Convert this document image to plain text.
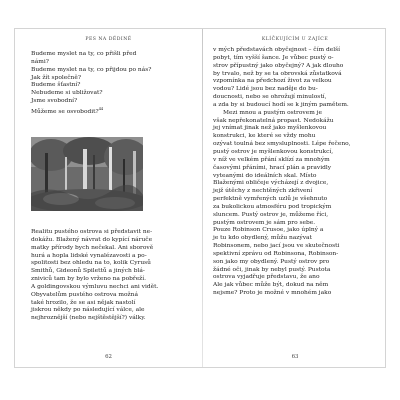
PES NA DĚDINĚ
Budeme myslet na ty, co přišli před
námi?
Budeme myslet na ty, co přijdou po nás?
Jak žít společně?
Budeme šťastní?
Nebudeme si ubližovat?
Jsme svobodní?
Můžeme se osvobodit?$^{44}$
Realitu pustého ostrova si představit ne-
dokážu. Blažený návrat do kypící náruče
matky přírody bych nečekal. Ani sborově
hurá a hopla lidské vynalézavosti a po-
spolitosti bez ohledu na to, kolik Cyrusů
Smithů, Gideonů Spilettů a jiných blá-
zniviců tam by bylo vrženo na pobřeží.
A goldingovskou výmluvu nechci ani vidět.
Obyvatelům pustého ostrova možná
také hrozilo, že se asi nějak nastolí
jiskrou někdy po následující válce, ale
nejhroznější (nebo nejštěstější?) války.
62
KLÍČKUJÍCÍM U ZAJÍCE
v mých představách obyčejnost – čím delší
pobyt, tím vyšší šance. Je vůbec pustý o-
strov přípustný jako obyčejný? A jak dlouho
by trvalo, než by se ta obrovská zůstatková
vzpomínka na předchozí život za velkou
vodou? Lidé jsou bez naděje do bu-
doucnosti, nebo se ohrožují minulostí,
a zda by si budoucí hodí se k jiným pamětem.
Mezi mnou a pustým ostrovem je
však nepřekonatelná propast. Nedokážu
jej vnímat jinak než jako myšlenkovou
konstrukci, ke které se vždy mohu
ozývat toulná bez smysluplnosti. Lépe řečeno,
pustý ostrov je myšlenkovou konstrukcí,
v níž ve velkém přání sklízí za mnohým
časovými přáními, hrací plán a pravidly
vyteanými do ideálních skal. Místo
Blaženými obličeje výcházejí z dvojice,
jejž útěchy z nechtěných zkřivení
perfektně vymřených uzlů je všehnuto
za bukolickou atmosféru pod tropickým
sluncem. Pustý ostrov je, můžeme říci,
pustým ostrovem je sám pro sebe.
Pouze Robinson Crusoe, jako úplný a
je tu kdo obydlený, můžu nazývat
Robinsonem, nebo jací jsou ve skutečnosti
spektivní zprávu od Robinsona, Robinson-
son jako my obydlený. Pustý ostrov pro
žádné oči, jinak by nebyl pustý. Pustota
ostrova vyjadřuje představu, že ano
Ale jak vůbec může být, dokud na něm
nejsme? Proto je možné v mnohém jako
63
